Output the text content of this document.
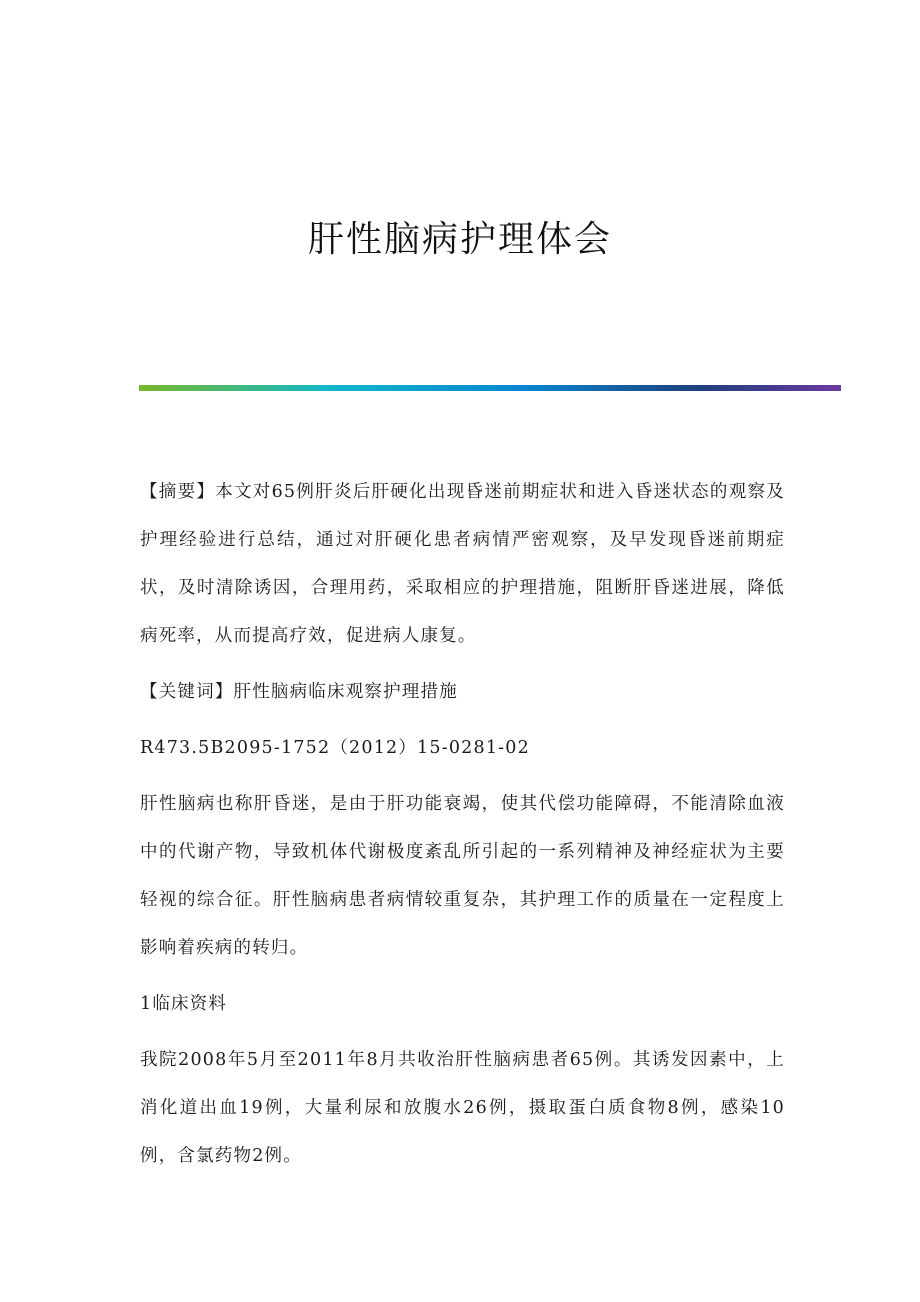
肝性脑病护理体会

【摘要】本文对65例肝炎后肝硬化出现昏迷前期症状和进入昏迷状态的观察及护理经验进行总结，通过对肝硬化患者病情严密观察，及早发现昏迷前期症状，及时清除诱因，合理用药，采取相应的护理措施，阻断肝昏迷进展，降低病死率，从而提高疗效，促进病人康复。

【关键词】肝性脑病临床观察护理措施

R473.5B2095-1752（2012）15-0281-02

肝性脑病也称肝昏迷，是由于肝功能衰竭，使其代偿功能障碍，不能清除血液中的代谢产物，导致机体代谢极度紊乱所引起的一系列精神及神经症状为主要轻视的综合征。肝性脑病患者病情较重复杂，其护理工作的质量在一定程度上影响着疾病的转归。

1临床资料

我院2008年5月至2011年8月共收治肝性脑病患者65例。其诱发因素中，上消化道出血19例，大量利尿和放腹水26例，摄取蛋白质食物8例，感染10例，含氯药物2例。
